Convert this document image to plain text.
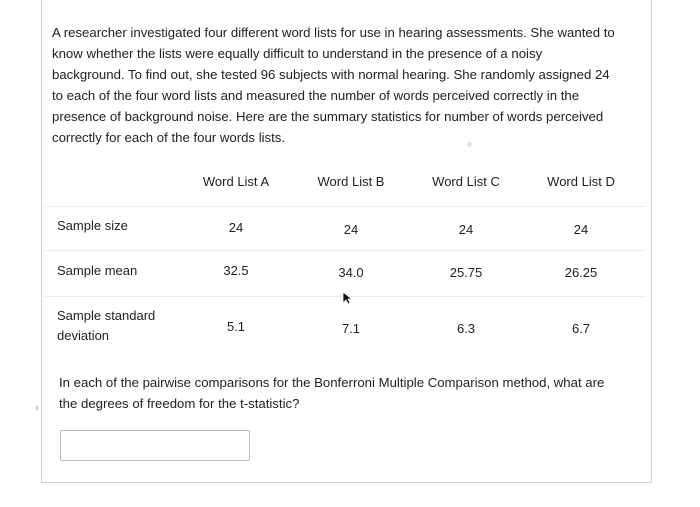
A researcher investigated four different word lists for use in hearing assessments. She wanted to
know whether the lists were equally difficult to understand in the presence of a noisy
background. To find out, she tested 96 subjects with normal hearing. She randomly assigned 24
to each of the four word lists and measured the number of words perceived correctly in the
presence of background noise. Here are the summary statistics for number of words perceived
correctly for each of the four words lists.
Word List A	Word List B	Word List C	Word List D
Sample size	24	24	24	24
Sample mean	32.5	34.0	25.75	26.25
Sample standard
deviation
5.1	7.1	6.3	6.7
In each of the pairwise comparisons for the Bonferroni Multiple Comparison method, what are
the degrees of freedom for the t-statistic?
